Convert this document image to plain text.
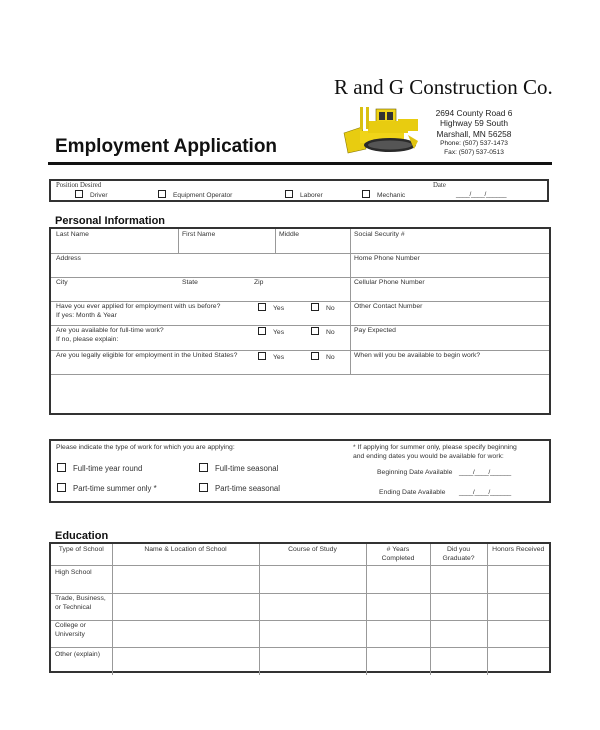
R and G Construction Co.
2694 County Road 6
Highway 59 South
Marshall, MN 56258
Phone: (507) 537-1473
Fax: (507) 537-0513
Employment Application
Position Desired
Driver	Equipment Operator	Laborer	Mechanic
Date
____/____/______
Personal Information
Last Name	First Name	Middle	Social Security #
Address	Home Phone Number
City	State	Zip	Cellular Phone Number
Have you ever applied for employment with us before?
If yes: Month & Year
Yes	No	Other Contact Number
Are you available for full-time work?
If no, please explain:
Yes	No	Pay Expected
Are you legally eligible for employment in the United States?	Yes	No	When will you be available to begin work?
Please indicate the type of work for which you are applying:
Full-time year round	Full-time seasonal
Part-time summer only *	Part-time seasonal
* If applying for summer only, please specify beginning
and ending dates you would be available for work:
Beginning Date Available ____/____/______
Ending Date Available ____/____/______
Education
Type of School	Name & Location of School	Course of Study	# Years Completed	Did you Graduate?	Honors Received
High School					
Trade, Business, or Technical					
College or University					
Other (explain)					
